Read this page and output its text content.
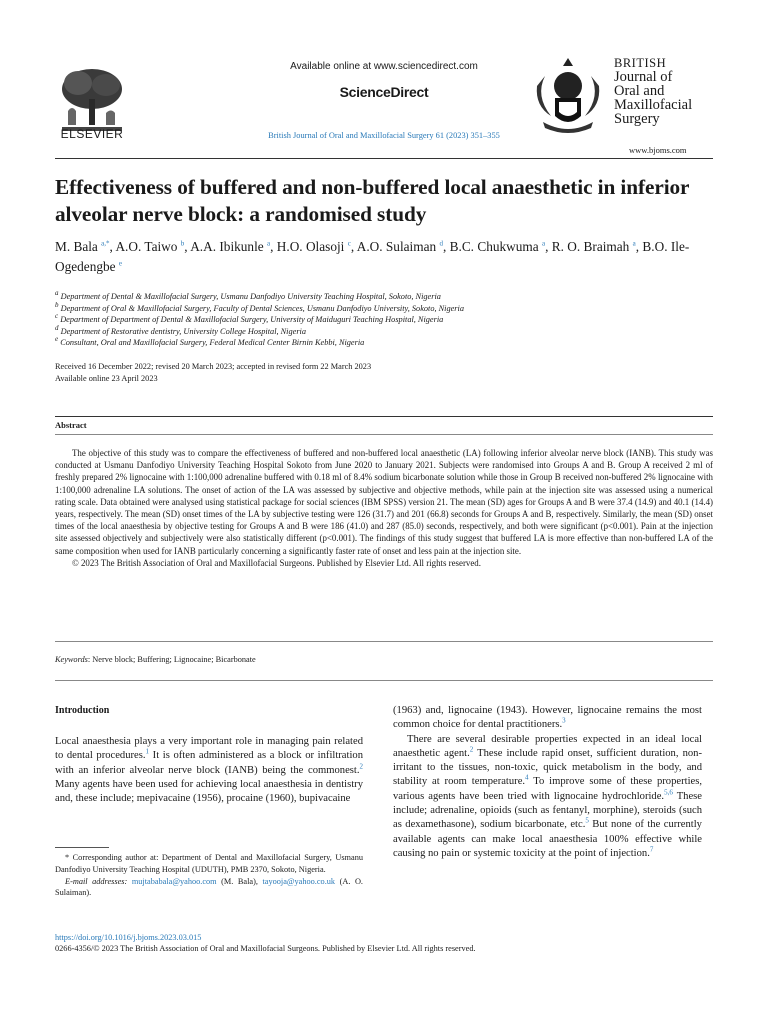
ELSEVIER
Available online at www.sciencedirect.com
ScienceDirect
British Journal of Oral and Maxillofacial Surgery 61 (2023) 351–355
BRITISH
Journal of
Oral and
Maxillofacial
Surgery
www.bjoms.com
Effectiveness of buffered and non-buffered local anaesthetic in inferior alveolar nerve block: a randomised study
M. Bala $^{a,*}$, A.O. Taiwo $^b$, A.A. Ibikunle $^a$, H.O. Olasoji $^c$, A.O. Sulaiman $^d$, B.C. Chukwuma $^a$, R. O. Braimah $^a$, B.O. Ile-Ogedengbe $^e$
$^a$ Department of Dental & Maxillofacial Surgery, Usmanu Danfodiyo University Teaching Hospital, Sokoto, Nigeria
$^b$ Department of Oral & Maxillofacial Surgery, Faculty of Dental Sciences, Usmanu Danfodiyo University, Sokoto, Nigeria
$^c$ Department of Department of Dental & Maxillofacial Surgery, University of Maiduguri Teaching Hospital, Nigeria
$^d$ Department of Restorative dentistry, University College Hospital, Nigeria
$^e$ Consultant, Oral and Maxillofacial Surgery, Federal Medical Center Birnin Kebbi, Nigeria
Received 16 December 2022; revised 20 March 2023; accepted in revised form 22 March 2023
Available online 23 April 2023
Abstract

The objective of this study was to compare the effectiveness of buffered and non-buffered local anaesthetic (LA) following inferior alveolar nerve block (IANB). This study was conducted at Usmanu Danfodiyo University Teaching Hospital Sokoto from June 2020 to January 2021. Subjects were randomised into Groups A and B. Group A received 2 ml of freshly prepared 2% lignocaine with 1:100,000 adrenaline buffered with 0.18 ml of 8.4% sodium bicarbonate solution while those in Group B received non-buffered 2% lignocaine with 1:100,000 adrenaline LA solutions. The onset of action of the LA was assessed by subjective and objective methods, while pain at the injection site was assessed using a numerical rating scale. Data obtained were analysed using statistical package for social sciences (IBM SPSS) version 21. The mean (SD) ages for Groups A and B were 37.4 (14.9) and 40.1 (14.4) years, respectively. The mean (SD) onset times of the LA by subjective testing were 126 (31.7) and 201 (66.8) seconds for Groups A and B, respectively. Similarly, the mean (SD) onset times of the local anaesthesia by objective testing for Groups A and B were 186 (41.0) and 287 (85.0) seconds, respectively, and both were significant (p<0.001). Pain at the injection site assessed objectively and subjectively were also statistically different (p<0.001). The findings of this study suggest that buffered LA is more effective than non-buffered LA of the same composition when used for IANB particularly concerning a significantly faster rate of onset and less pain at the injection site.

© 2023 The British Association of Oral and Maxillofacial Surgeons. Published by Elsevier Ltd. All rights reserved.

Keywords: Nerve block; Buffering; Lignocaine; Bicarbonate
Introduction

Local anaesthesia plays a very important role in managing pain related to dental procedures.$^1$ It is often administered as a block or infiltration with an inferior alveolar nerve block (IANB) being the commonest.$^2$ Many agents have been used for achieving local anaesthesia in dentistry and, these include; mepivacaine (1956), procaine (1960), bupivacaine

* Corresponding author at: Department of Dental and Maxillofacial Surgery, Usmanu Danfodiyo University Teaching Hospital (UDUTH), PMB 2370, Sokoto, Nigeria.

E-mail addresses: mujtababala@yahoo.com (M. Bala), tayooja@yahoo.co.uk (A. O. Sulaiman).

(1963) and, lignocaine (1943). However, lignocaine remains the most common choice for dental practitioners.$^3$

There are several desirable properties expected in an ideal local anaesthetic agent.$^2$ These include rapid onset, sufficient duration, non-irritant to the tissues, non-toxic, quick metabolism in the body, and stability at room temperature.$^4$ To improve some of these properties, various agents have been tried with lignocaine hydrochloride.$^{5,6}$ These include; adrenaline, opioids (such as fentanyl, morphine), steroids (such as dexamethasone), sodium bicarbonate, etc.$^5$ But none of the currently available agents can make local anaesthesia 100% effective while causing no pain or systemic toxicity at the point of injection.$^7$

https://doi.org/10.1016/j.bjoms.2023.03.015
0266-4356/© 2023 The British Association of Oral and Maxillofacial Surgeons. Published by Elsevier Ltd. All rights reserved.
